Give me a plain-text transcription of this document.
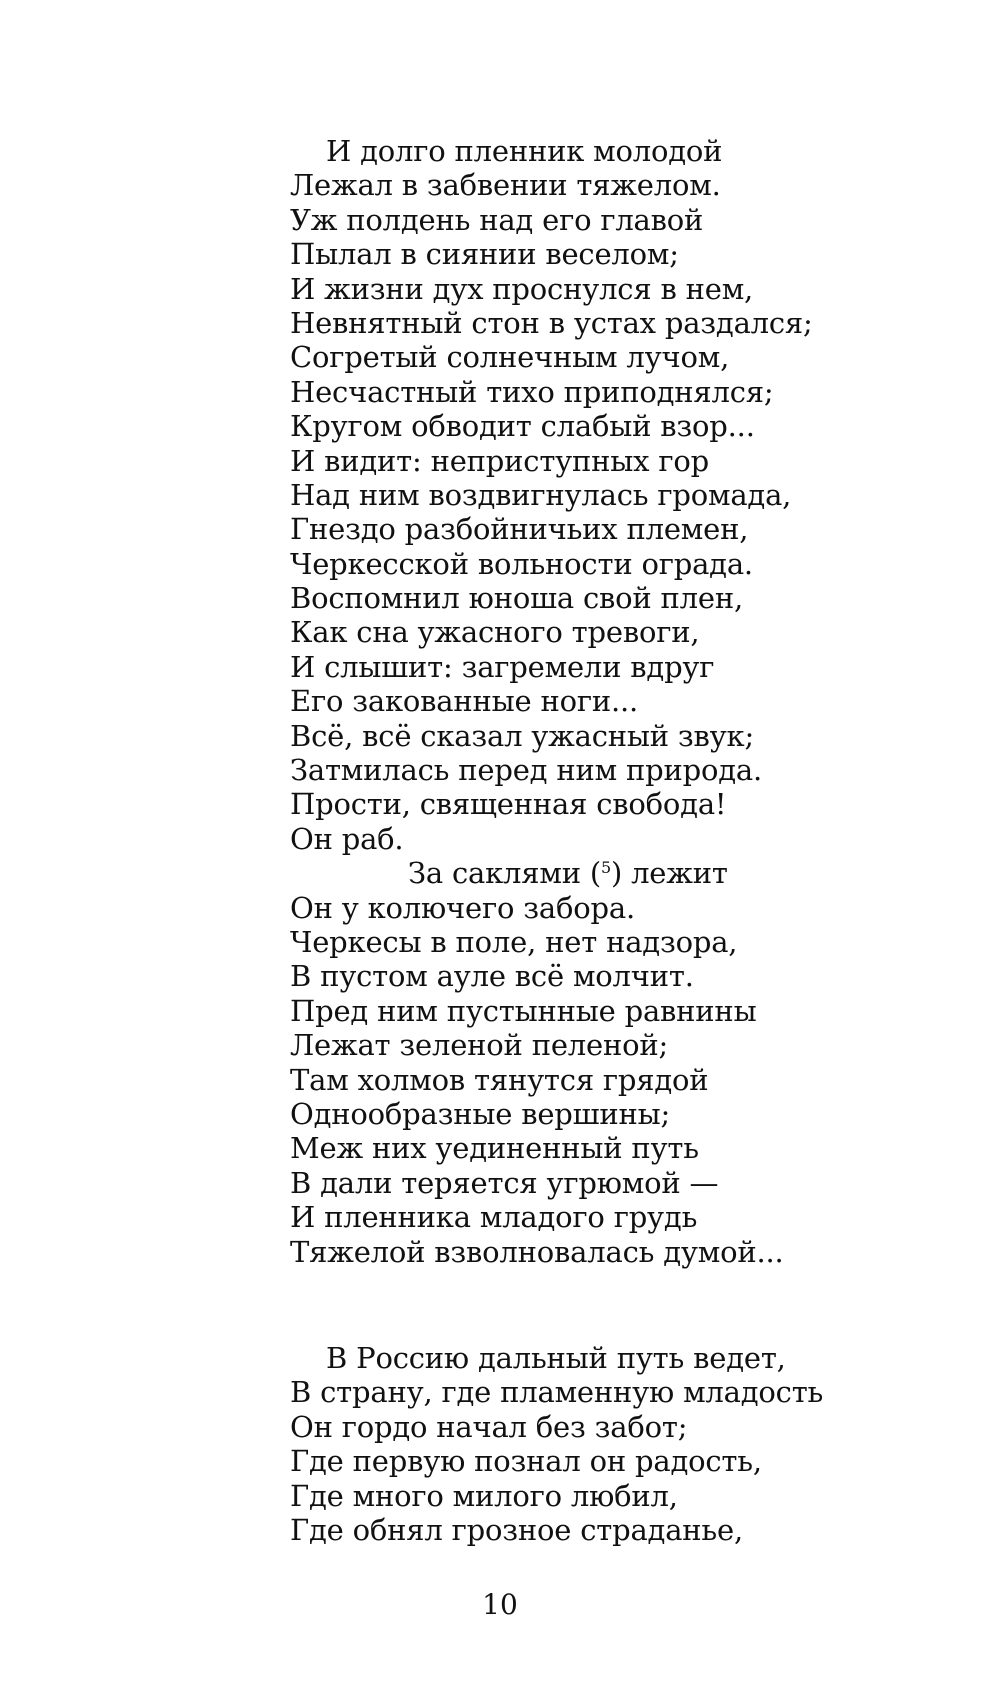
И долго пленник молодой
Лежал в забвении тяжелом.
Уж полдень над его главой
Пылал в сиянии веселом;
И жизни дух проснулся в нем,
Невнятный стон в устах раздался;
Согретый солнечным лучом,
Несчастный тихо приподнялся;
Кругом обводит слабый взор...
И видит: неприступных гор
Над ним воздвигнулась громада,
Гнездо разбойничьих племен,
Черкесской вольности ограда.
Воспомнил юноша свой плен,
Как сна ужасного тревоги,
И слышит: загремели вдруг
Его закованные ноги...
Всё, всё сказал ужасный звук;
Затмилась перед ним природа.
Прости, священная свобода!
Он раб.
За саклями ($^5$) лежит
Он у колючего забора.
Черкесы в поле, нет надзора,
В пустом ауле всё молчит.
Пред ним пустынные равнины
Лежат зеленой пеленой;
Там холмов тянутся грядой
Однообразные вершины;
Меж них уединенный путь
В дали теряется угрюмой —
И пленника младого грудь
Тяжелой взволновалась думой...
В Россию дальный путь ведет,
В страну, где пламенную младость
Он гордо начал без забот;
Где первую познал он радость,
Где много милого любил,
Где обнял грозное страданье,
10
